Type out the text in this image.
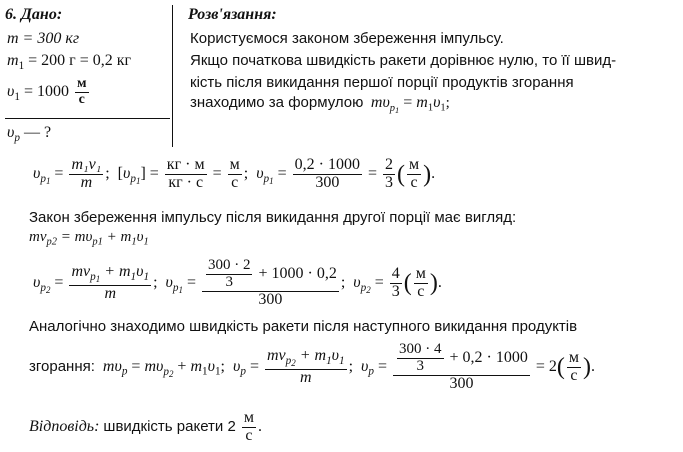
6. Дано:	Розв'язання:
m = 300 кг
$m_1 = 200$ г = 0,2 кг
$\upsilon_1 = 1000 \frac{м}{с}$
$\upsilon_p$ — ?
Користуємося законом збереження імпульсу.
Якщо початкова швидкість ракети дорівнює нулю, то її швид-
кість після викидання першої порції продуктів згорання
знаходимо за формулою $m\upsilon_{p_1} = m_1\upsilon_1$;
$\upsilon_{p_1} = \frac{\text{m₁v₁}}{m}$ ;  $[\upsilon_{p_1}] = \frac{кг \cdot м}{кг \cdot с} = \frac{м}{с}$ ;  $\upsilon_{p_1} = \frac{0,2 \cdot 1000}{300} = \frac{2}{3}$ ( $\frac{м}{с}$ ).
Закон збереження імпульсу після викидання другої порції має вигляд:
$mv_{p2} = m\upsilon_{p1} + m_1\upsilon_1$
$\upsilon_{p_2} = \frac{mv_{p_1} + m_1\upsilon_1}{m}$ ;  $\upsilon_{p_1} = \frac{\frac{300 \cdot 2}{3} + 1000 \cdot 0,2}{300}$ ;  $\upsilon_{p_2} = \frac{4}{3}$ ( $\frac{м}{с}$ ).
Аналогічно знаходимо швидкість ракети після наступного викидання продуктів
згорання: $m\upsilon_p = m\upsilon_{p_2} + m_1\upsilon_1$;  $\upsilon_p = \frac{mv_{p_2} + m_1\upsilon_1}{m}$ ;  $\upsilon_p = \frac{\frac{300 \cdot 4}{3} + 0,2 \cdot 1000}{300} = 2( \frac{м}{с}$ ).
Відповідь: швидкість ракети $2 \frac{м}{с}$ .
